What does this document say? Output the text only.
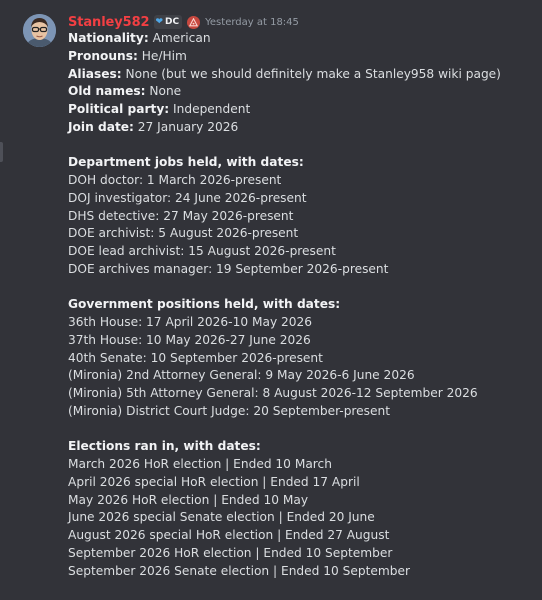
Stanley582 ❤ DC	Yesterday at 18:45
Nationality: American
Pronouns: He/Him
Aliases: None (but we should definitely make a Stanley958 wiki page)
Old names: None
Political party: Independent
Join date: 27 January 2026
Department jobs held, with dates:
DOH doctor: 1 March 2026-present
DOJ investigator: 24 June 2026-present
DHS detective: 27 May 2026-present
DOE archivist: 5 August 2026-present
DOE lead archivist: 15 August 2026-present
DOE archives manager: 19 September 2026-present
Government positions held, with dates:
36th House: 17 April 2026-10 May 2026
37th House: 10 May 2026-27 June 2026
40th Senate: 10 September 2026-present
(Mironia) 2nd Attorney General: 9 May 2026-6 June 2026
(Mironia) 5th Attorney General: 8 August 2026-12 September 2026
(Mironia) District Court Judge: 20 September-present
Elections ran in, with dates:
March 2026 HoR election | Ended 10 March
April 2026 special HoR election | Ended 17 April
May 2026 HoR election | Ended 10 May
June 2026 special Senate election | Ended 20 June
August 2026 special HoR election | Ended 27 August
September 2026 HoR election | Ended 10 September
September 2026 Senate election | Ended 10 September
